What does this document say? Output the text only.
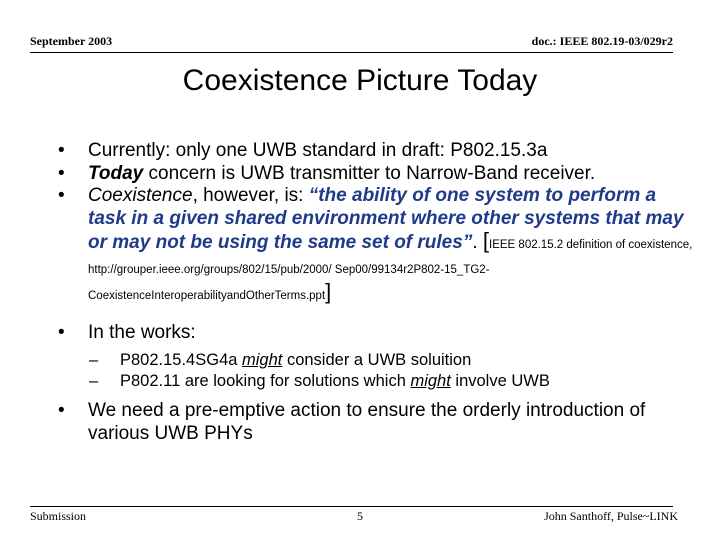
September 2003	doc.: IEEE 802.19-03/029r2
Coexistence Picture Today
• Currently: only one UWB standard in draft: P802.15.3a
• Today concern is UWB transmitter to Narrow-Band receiver.
• Coexistence, however, is: “the ability of one system to perform a task in a given shared environment where other systems that may or may not be using the same set of rules”. [IEEE 802.15.2 definition of coexistence, http://grouper.ieee.org/groups/802/15/pub/2000/ Sep00/99134r2P802-15_TG2-CoexistenceInteroperabilityandOtherTerms.ppt]
• In the works:
– P802.15.4SG4a might consider a UWB soluition
– P802.11 are looking for solutions which might involve UWB
• We need a pre-emptive action to ensure the orderly introduction of various UWB PHYs
Submission	5	John Santhoff, Pulse~LINK
